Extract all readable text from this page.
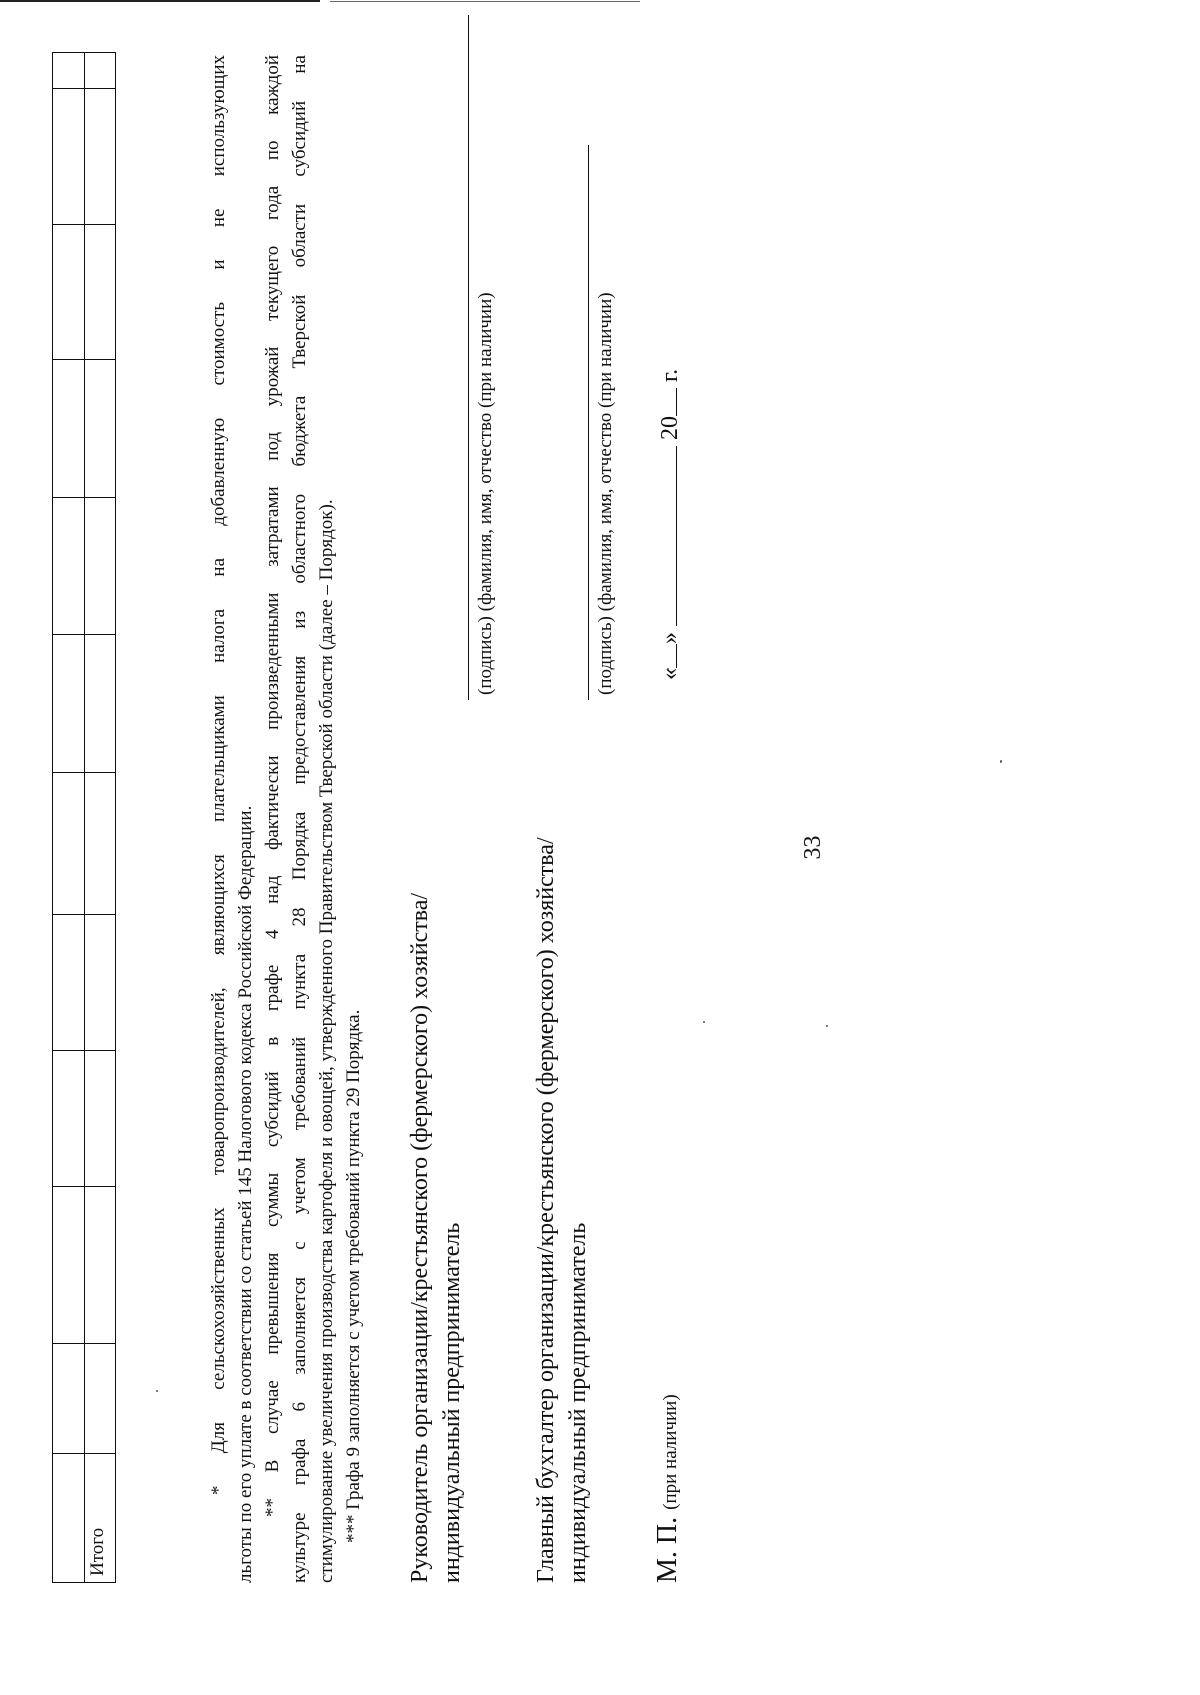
33
Итого
* Для сельскохозяйственных товаропроизводителей, являющихся плательщиками налога на добавленную стоимость и не использующих льготы по его уплате в соответствии со статьей 145 Налогового кодекса Российской Федерации. ** В случае превышения суммы субсидий в графе 4 над фактически произведенными затратами под урожай текущего года по каждой культуре графа 6 заполняется с учетом требований пункта 28 Порядка предоставления из областного бюджета Тверской области субсидий на стимулирование увеличения производства картофеля и овощей, утвержденного Правительством Тверской области (далее – Порядок). *** Графа 9 заполняется с учетом требований пункта 29 Порядка. Руководитель организации/крестьянского (фермерского) хозяйства/ индивидуальный предприниматель
(подпись) (фамилия, имя, отчество (при наличии)
Главный бухгалтер организации/крестьянского (фермерского) хозяйства/ индивидуальный предприниматель
(подпись) (фамилия, имя, отчество (при наличии)
М. П. (при наличии)
«»  20 г.
